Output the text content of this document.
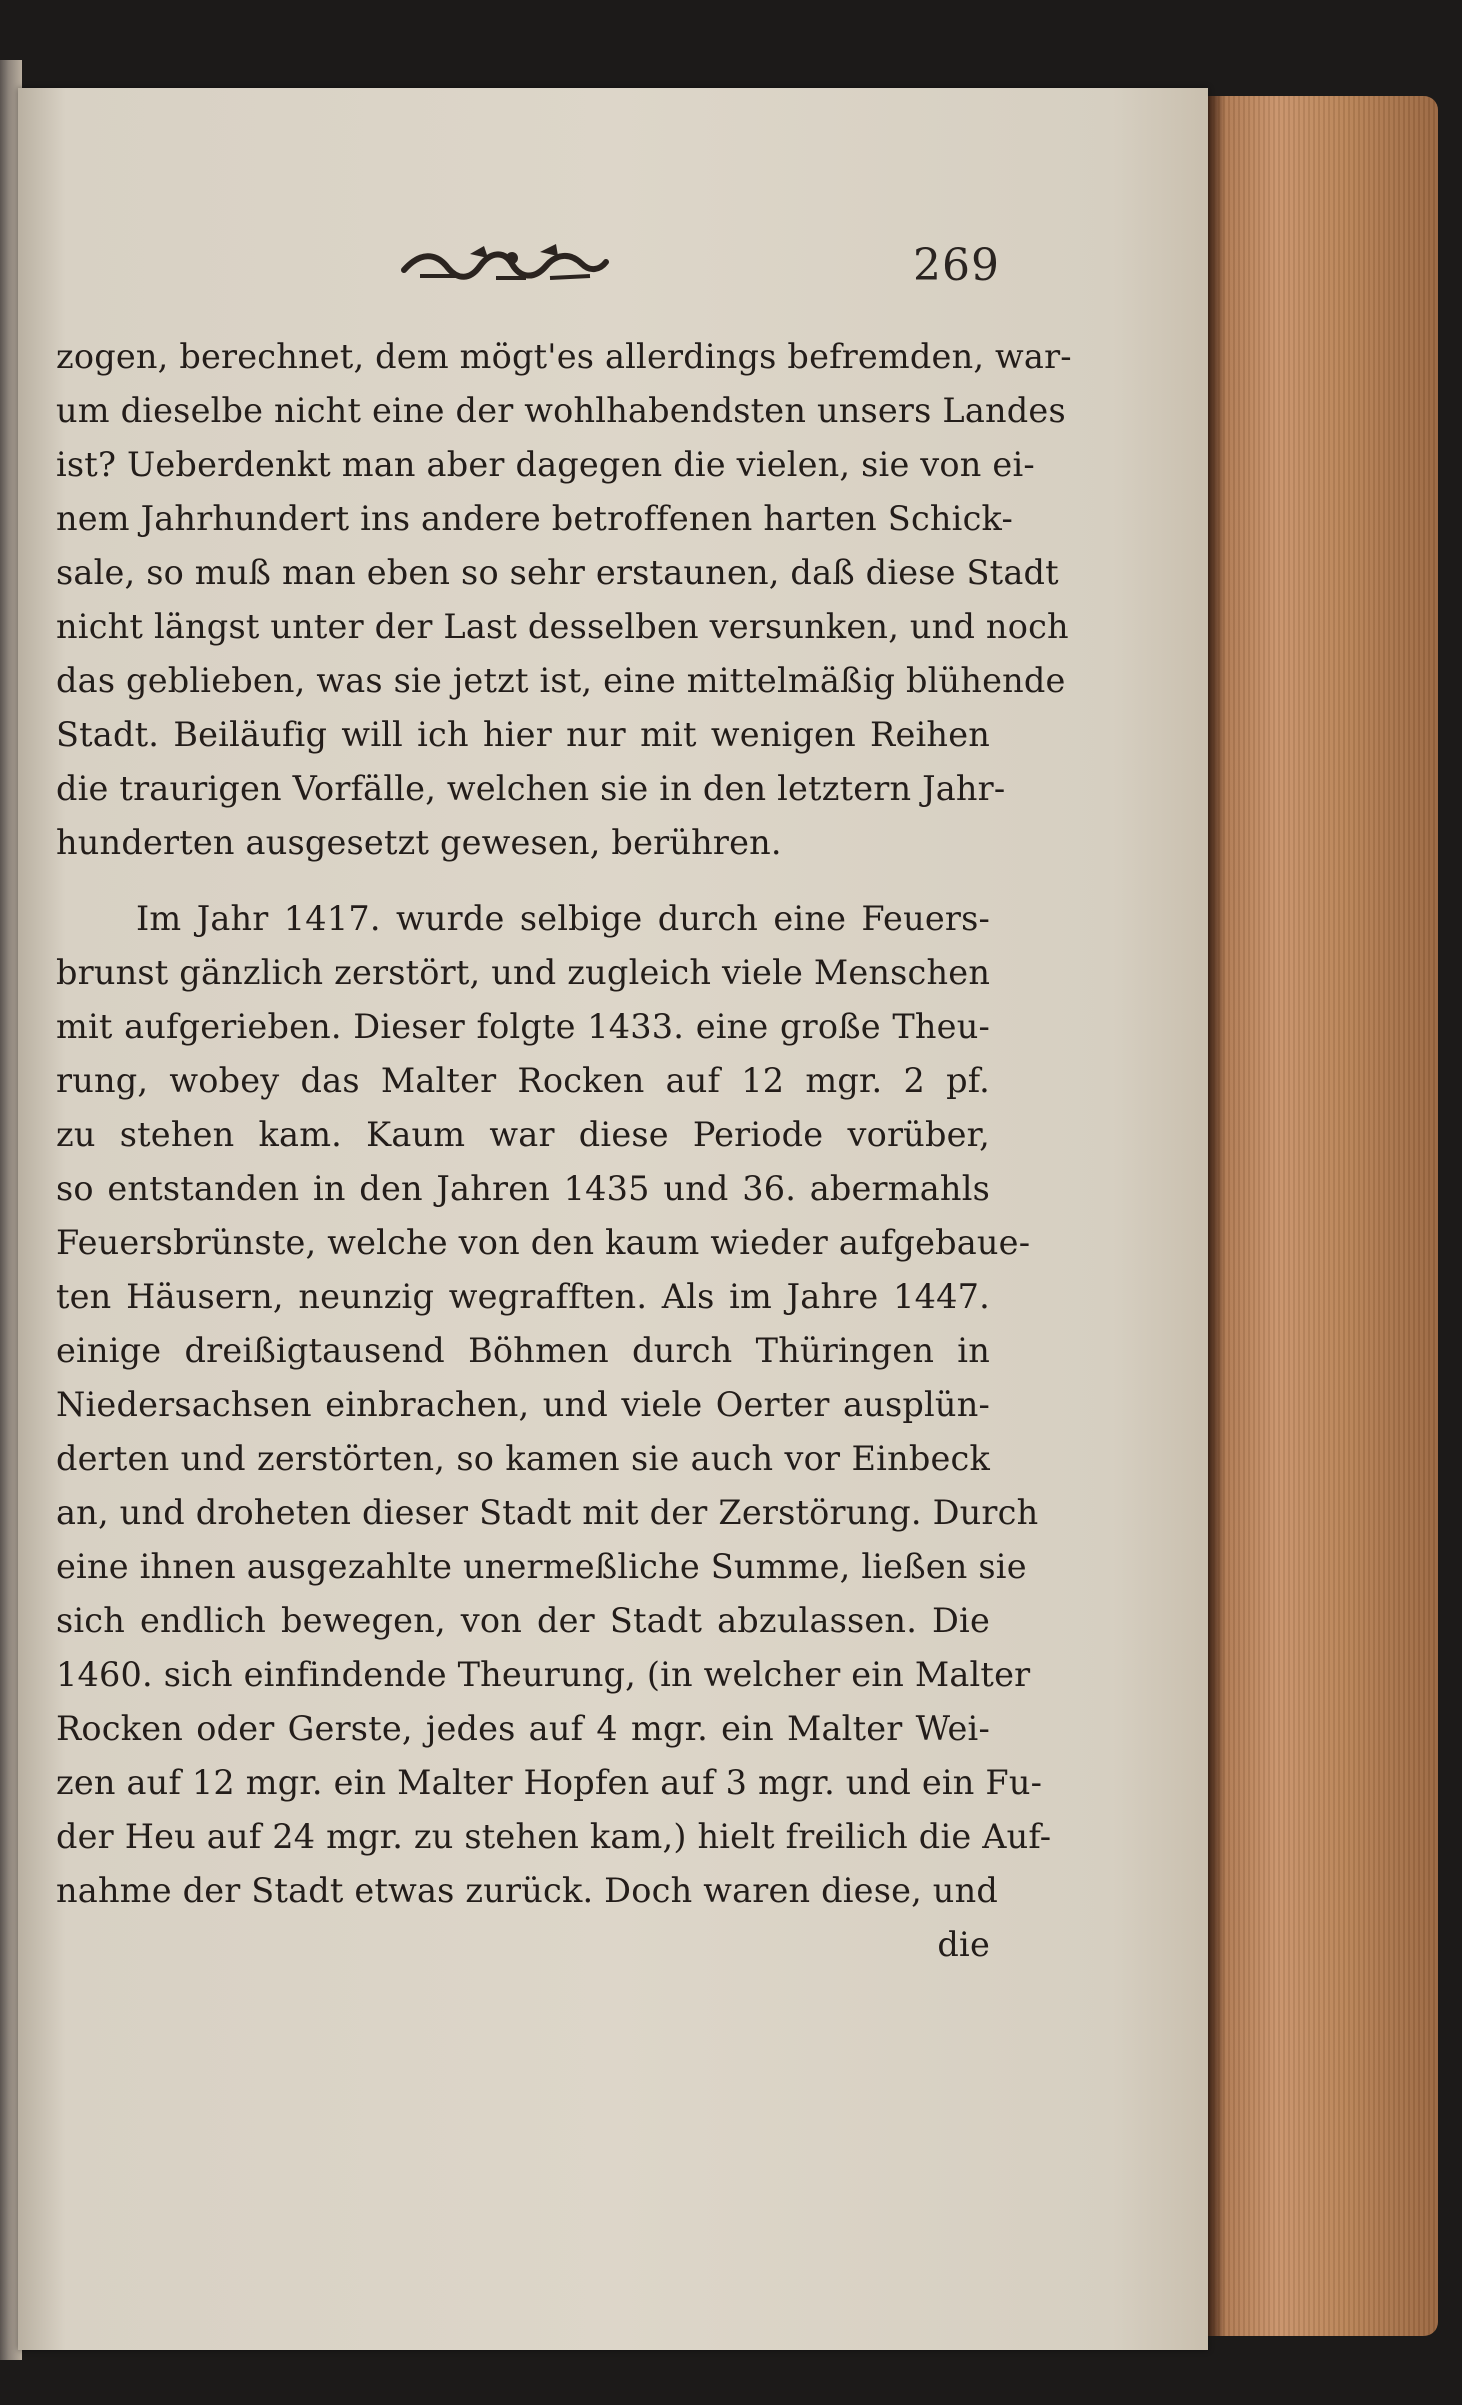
269
zogen, berechnet, dem mögt'es allerdings befremden, war-
um dieselbe nicht eine der wohlhabendsten unsers Landes
ist? Ueberdenkt man aber dagegen die vielen, sie von ei-
nem Jahrhundert ins andere betroffenen harten Schick-
sale, so muß man eben so sehr erstaunen, daß diese Stadt
nicht längst unter der Last desselben versunken, und noch
das geblieben, was sie jetzt ist, eine mittelmäßig blühende
Stadt. Beiläufig will ich hier nur mit wenigen Reihen
die traurigen Vorfälle, welchen sie in den letztern Jahr-
hunderten ausgesetzt gewesen, berühren.
Im Jahr 1417. wurde selbige durch eine Feuers-
brunst gänzlich zerstört, und zugleich viele Menschen
mit aufgerieben. Dieser folgte 1433. eine große Theu-
rung, wobey das Malter Rocken auf 12 mgr. 2 pf.
zu stehen kam. Kaum war diese Periode vorüber,
so entstanden in den Jahren 1435 und 36. abermahls
Feuersbrünste, welche von den kaum wieder aufgebaue-
ten Häusern, neunzig wegrafften. Als im Jahre 1447.
einige dreißigtausend Böhmen durch Thüringen in
Niedersachsen einbrachen, und viele Oerter ausplün-
derten und zerstörten, so kamen sie auch vor Einbeck
an, und droheten dieser Stadt mit der Zerstörung. Durch
eine ihnen ausgezahlte unermeßliche Summe, ließen sie
sich endlich bewegen, von der Stadt abzulassen. Die
1460. sich einfindende Theurung, (in welcher ein Malter
Rocken oder Gerste, jedes auf 4 mgr. ein Malter Wei-
zen auf 12 mgr. ein Malter Hopfen auf 3 mgr. und ein Fu-
der Heu auf 24 mgr. zu stehen kam,) hielt freilich die Auf-
nahme der Stadt etwas zurück. Doch waren diese, und
die
